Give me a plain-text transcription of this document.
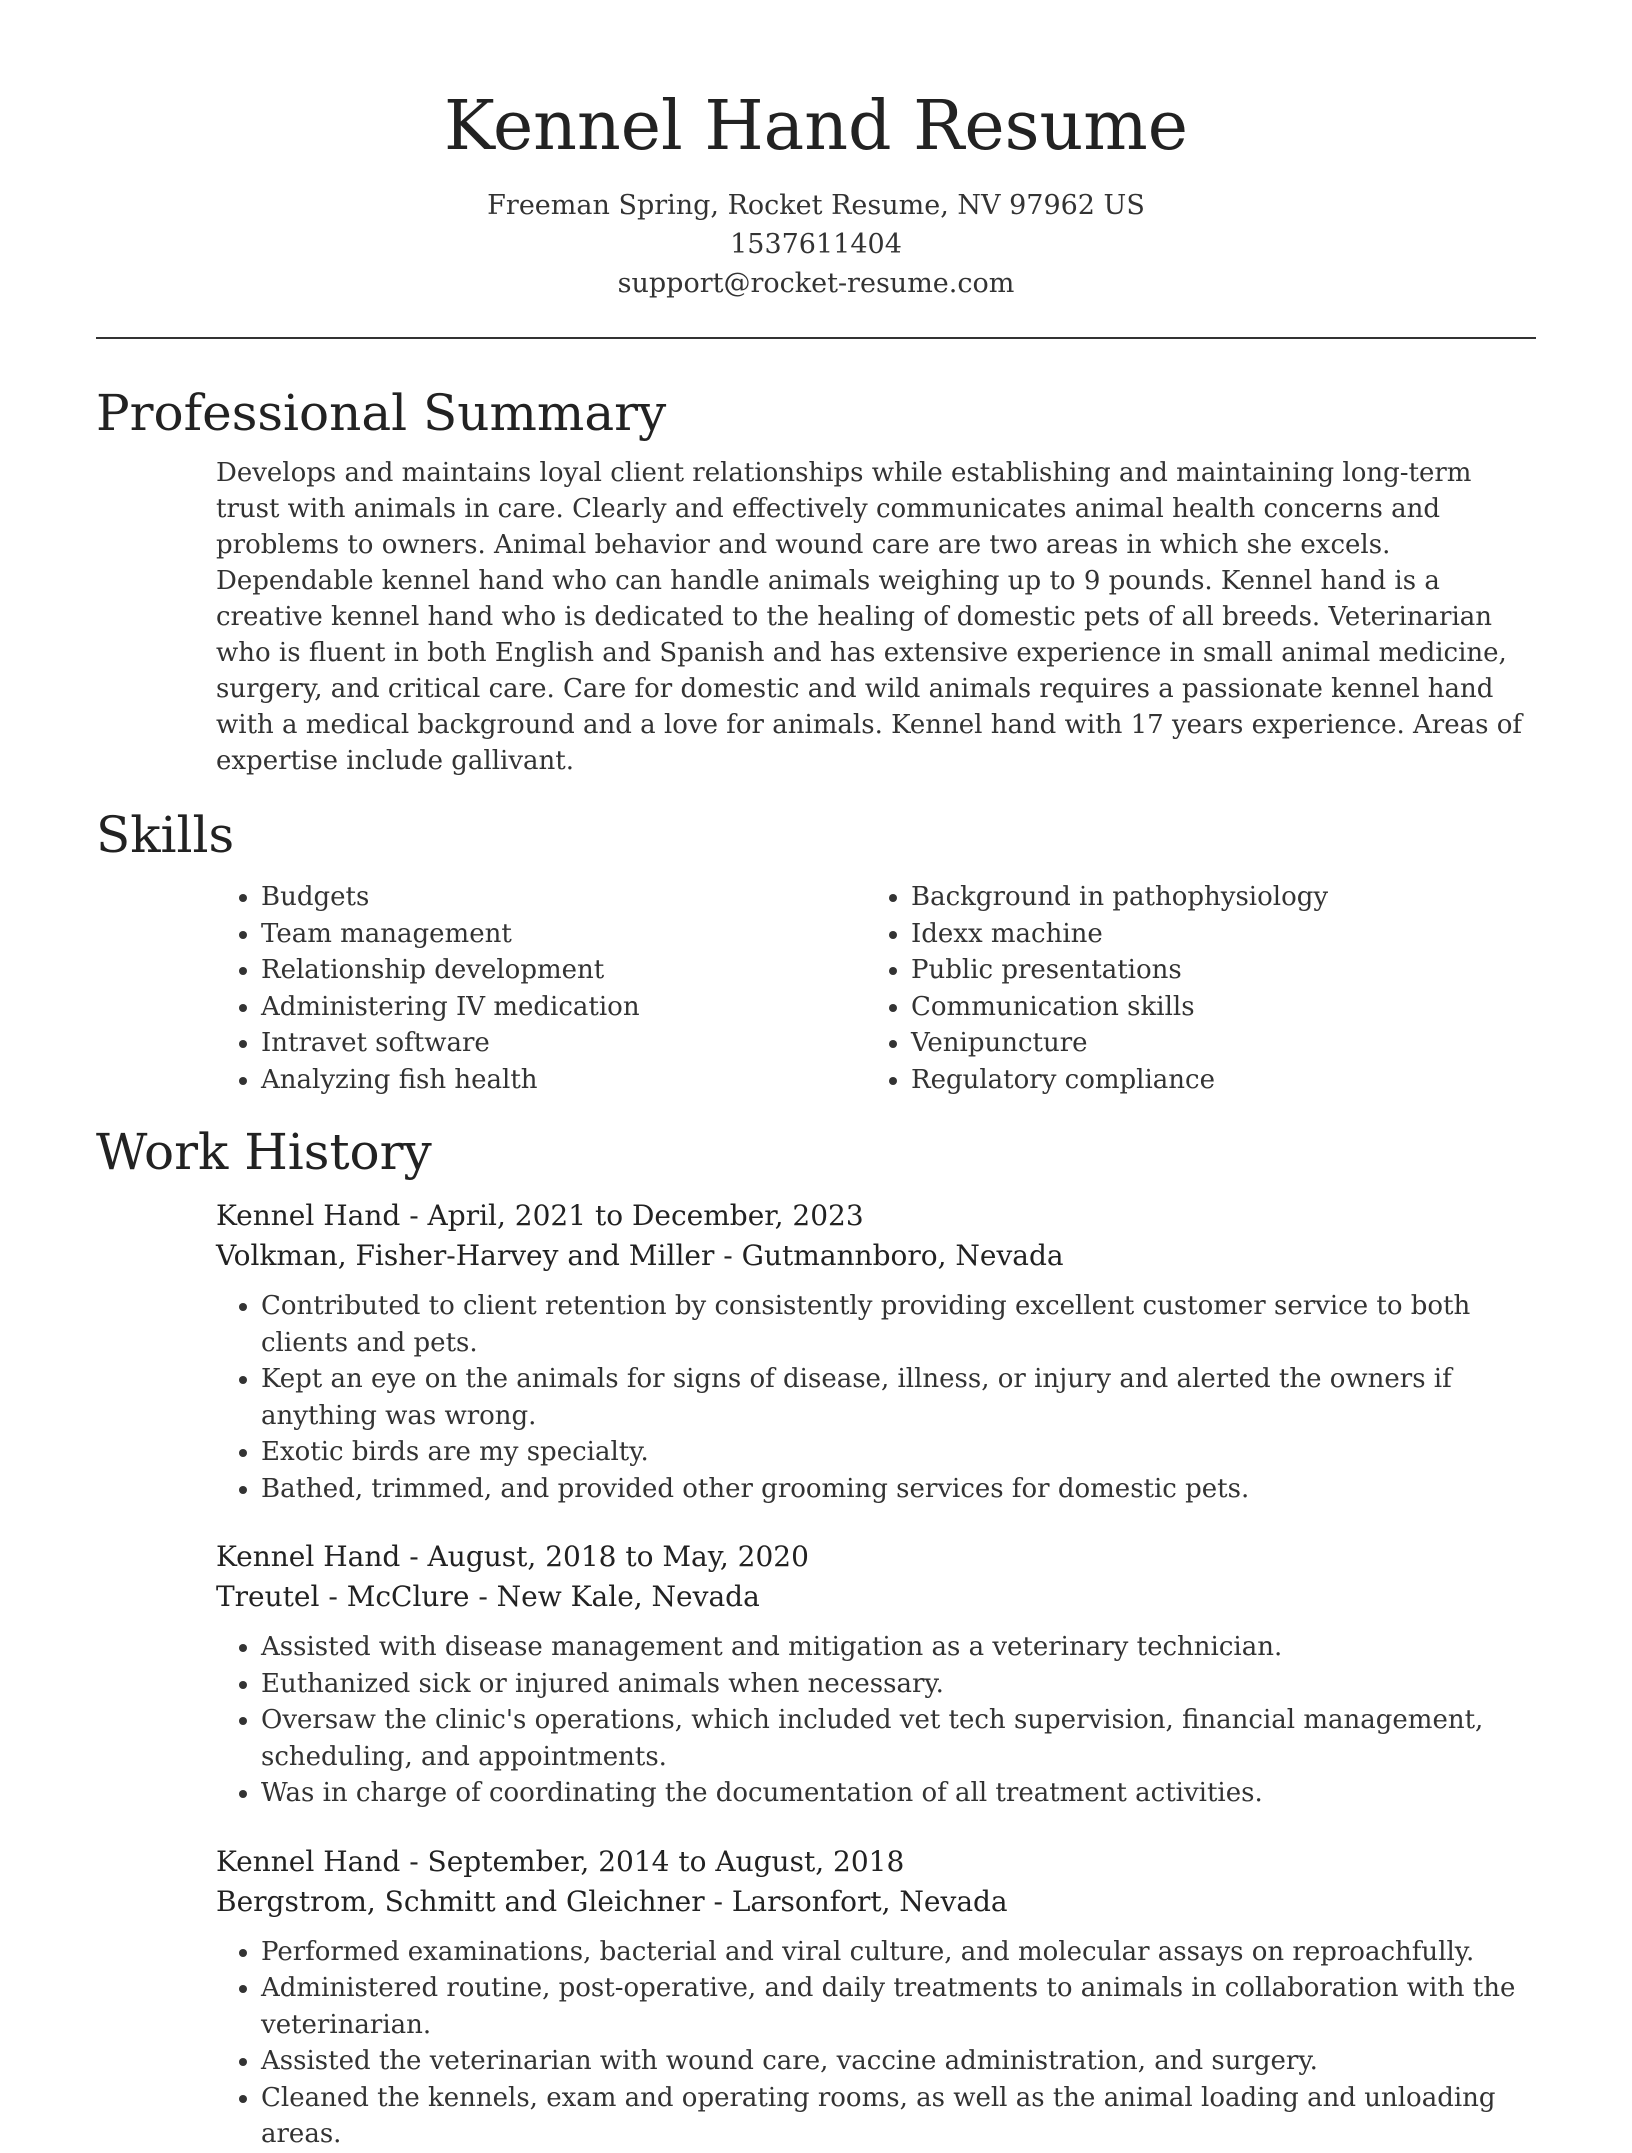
Kennel Hand Resume
Freeman Spring, Rocket Resume, NV 97962 US
1537611404
support@rocket-resume.com
Professional Summary

Develops and maintains loyal client relationships while establishing and maintaining long-term trust with animals in care. Clearly and effectively communicates animal health concerns and problems to owners. Animal behavior and wound care are two areas in which she excels. Dependable kennel hand who can handle animals weighing up to 9 pounds. Kennel hand is a creative kennel hand who is dedicated to the healing of domestic pets of all breeds. Veterinarian who is fluent in both English and Spanish and has extensive experience in small animal medicine, surgery, and critical care. Care for domestic and wild animals requires a passionate kennel hand with a medical background and a love for animals. Kennel hand with 17 years experience. Areas of expertise include gallivant.

Skills
• Budgets
• Team management
• Relationship development
• Administering IV medication
• Intravet software
• Analyzing fish health
• Background in pathophysiology
• Idexx machine
• Public presentations
• Communication skills
• Venipuncture
• Regulatory compliance
Work History
Kennel Hand - April, 2021 to December, 2023
Volkman, Fisher-Harvey and Miller - Gutmannboro, Nevada
• Contributed to client retention by consistently providing excellent customer service to both clients and pets.
• Kept an eye on the animals for signs of disease, illness, or injury and alerted the owners if anything was wrong.
• Exotic birds are my specialty.
• Bathed, trimmed, and provided other grooming services for domestic pets.
Kennel Hand - August, 2018 to May, 2020
Treutel - McClure - New Kale, Nevada
• Assisted with disease management and mitigation as a veterinary technician.
• Euthanized sick or injured animals when necessary.
• Oversaw the clinic's operations, which included vet tech supervision, financial management, scheduling, and appointments.
• Was in charge of coordinating the documentation of all treatment activities.
Kennel Hand - September, 2014 to August, 2018
Bergstrom, Schmitt and Gleichner - Larsonfort, Nevada
• Performed examinations, bacterial and viral culture, and molecular assays on reproachfully.
• Administered routine, post-operative, and daily treatments to animals in collaboration with the veterinarian.
• Assisted the veterinarian with wound care, vaccine administration, and surgery.
• Cleaned the kennels, exam and operating rooms, as well as the animal loading and unloading areas.
